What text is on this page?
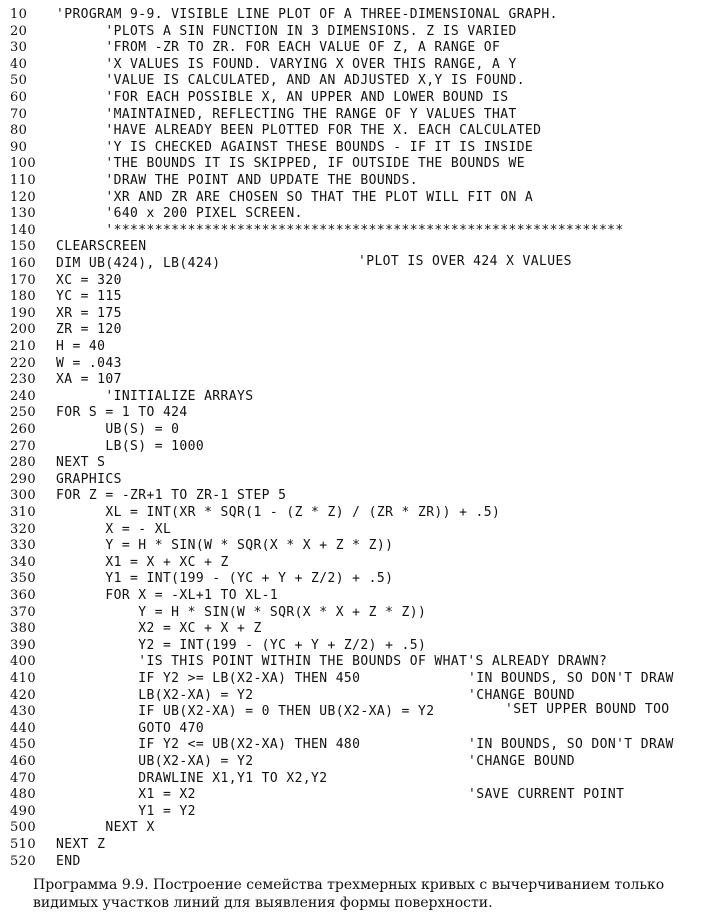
10	'PROGRAM 9-9. VISIBLE LINE PLOT OF A THREE-DIMENSIONAL GRAPH.
20	'PLOTS A SIN FUNCTION IN 3 DIMENSIONS. Z IS VARIED
30	'FROM -ZR TO ZR. FOR EACH VALUE OF Z, A RANGE OF
40	'X VALUES IS FOUND. VARYING X OVER THIS RANGE, A Y
50	'VALUE IS CALCULATED, AND AN ADJUSTED X,Y IS FOUND.
60	'FOR EACH POSSIBLE X, AN UPPER AND LOWER BOUND IS
70	'MAINTAINED, REFLECTING THE RANGE OF Y VALUES THAT
80	'HAVE ALREADY BEEN PLOTTED FOR THE X. EACH CALCULATED
90	'Y IS CHECKED AGAINST THESE BOUNDS - IF IT IS INSIDE
100	'THE BOUNDS IT IS SKIPPED, IF OUTSIDE THE BOUNDS WE
110	'DRAW THE POINT AND UPDATE THE BOUNDS.
120	'XR AND ZR ARE CHOSEN SO THAT THE PLOT WILL FIT ON A
130	'640 x 200 PIXEL SCREEN.
140	'**************************************************************
150	CLEARSCREEN
160	DIM UB(424), LB(424)	'PLOT IS OVER 424 X VALUES
170	XC = 320
180	YC = 115
190	XR = 175
200	ZR = 120
210	H = 40
220	W = .043
230	XA = 107
240	'INITIALIZE ARRAYS
250	FOR S = 1 TO 424
260	UB(S) = 0
270	LB(S) = 1000
280	NEXT S
290	GRAPHICS
300	FOR Z = -ZR+1 TO ZR-1 STEP 5
310	XL = INT(XR * SQR(1 - (Z * Z) / (ZR * ZR)) + .5)
320	X = - XL
330	Y = H * SIN(W * SQR(X * X + Z * Z))
340	X1 = X + XC + Z
350	Y1 = INT(199 - (YC + Y + Z/2) + .5)
360	FOR X = -XL+1 TO XL-1
370	Y = H * SIN(W * SQR(X * X + Z * Z))
380	X2 = XC + X + Z
390	Y2 = INT(199 - (YC + Y + Z/2) + .5)
400	'IS THIS POINT WITHIN THE BOUNDS OF WHAT'S ALREADY DRAWN?
410	IF Y2 >= LB(X2-XA) THEN 450	'IN BOUNDS, SO DON'T DRAW
420	LB(X2-XA) = Y2	'CHANGE BOUND
430	IF UB(X2-XA) = 0 THEN UB(X2-XA) = Y2	'SET UPPER BOUND TOO
440	GOTO 470
450	IF Y2 <= UB(X2-XA) THEN 480	'IN BOUNDS, SO DON'T DRAW
460	UB(X2-XA) = Y2	'CHANGE BOUND
470	DRAWLINE X1,Y1 TO X2,Y2
480	X1 = X2	'SAVE CURRENT POINT
490	Y1 = Y2
500	NEXT X
510	NEXT Z
520	END
Программа 9.9. Построение семейства трехмерных кривых с вычерчиванием только видимых участков линий для выявления формы поверхности.
